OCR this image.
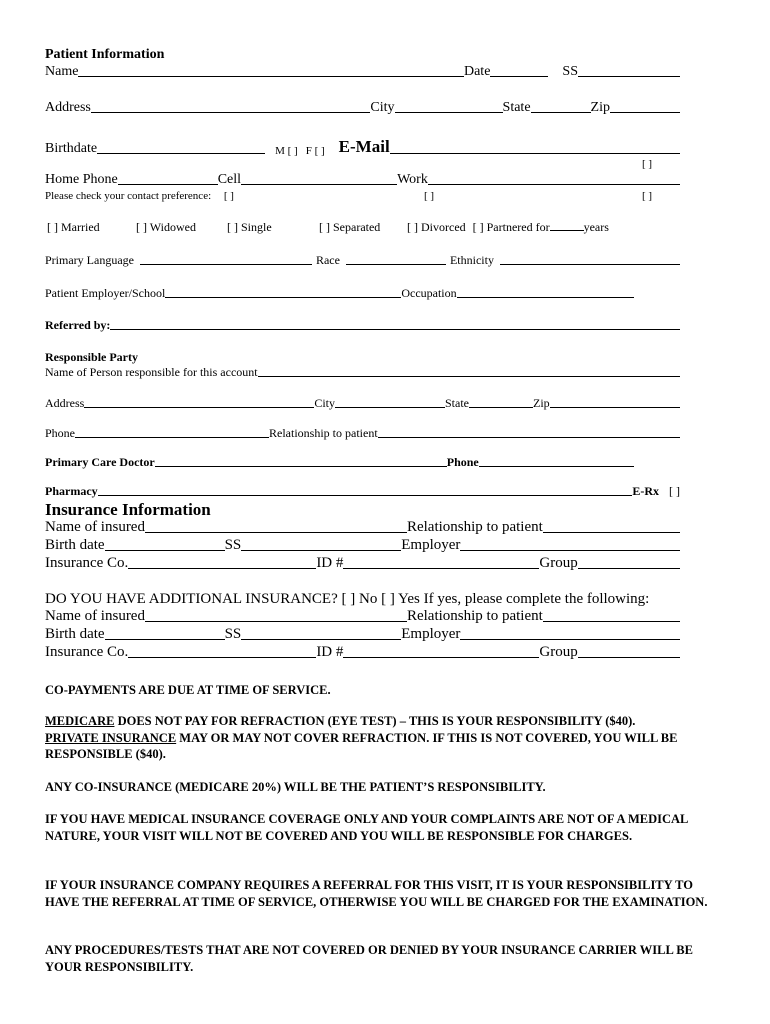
Patient Information
Name	Date	SS
Address	City	State	Zip
Birthdate	M [ ] F [ ] E-Mail
[ ]
Home Phone	Cell	Work
Please check your contact preference: [ ]	[ ]	[ ]
[ ] Married	[ ] Widowed	[ ] Single	[ ] Separated [ ] Divorced [ ] Partnered for	years
Primary Language	Race	Ethnicity
Patient Employer/School	Occupation
Referred by:
Responsible Party
Name of Person responsible for this account
Address	City	State	Zip
Phone	Relationship to patient
Primary Care Doctor	Phone
Pharmacy	E-Rx [ ]
Insurance Information
Name of insured	Relationship to patient
Birth date	SS	Employer
Insurance Co.	ID #	Group
DO YOU HAVE ADDITIONAL INSURANCE? [ ] No [ ] Yes If yes, please complete the following:
Name of insured	Relationship to patient
Birth date	SS	Employer
Insurance Co.	ID #	Group
CO-PAYMENTS ARE DUE AT TIME OF SERVICE.
MEDICARE DOES NOT PAY FOR REFRACTION (EYE TEST) – THIS IS YOUR RESPONSIBILITY ($40).
PRIVATE INSURANCE MAY OR MAY NOT COVER REFRACTION. IF THIS IS NOT COVERED, YOU WILL BE RESPONSIBLE ($40).
ANY CO-INSURANCE (MEDICARE 20%) WILL BE THE PATIENT’S RESPONSIBILITY.
IF YOU HAVE MEDICAL INSURANCE COVERAGE ONLY AND YOUR COMPLAINTS ARE NOT OF A MEDICAL NATURE, YOUR VISIT WILL NOT BE COVERED AND YOU WILL BE RESPONSIBLE FOR CHARGES.
IF YOUR INSURANCE COMPANY REQUIRES A REFERRAL FOR THIS VISIT, IT IS YOUR RESPONSIBILITY TO HAVE THE REFERRAL AT TIME OF SERVICE, OTHERWISE YOU WILL BE CHARGED FOR THE EXAMINATION.
ANY PROCEDURES/TESTS THAT ARE NOT COVERED OR DENIED BY YOUR INSURANCE CARRIER WILL BE YOUR RESPONSIBILITY.
